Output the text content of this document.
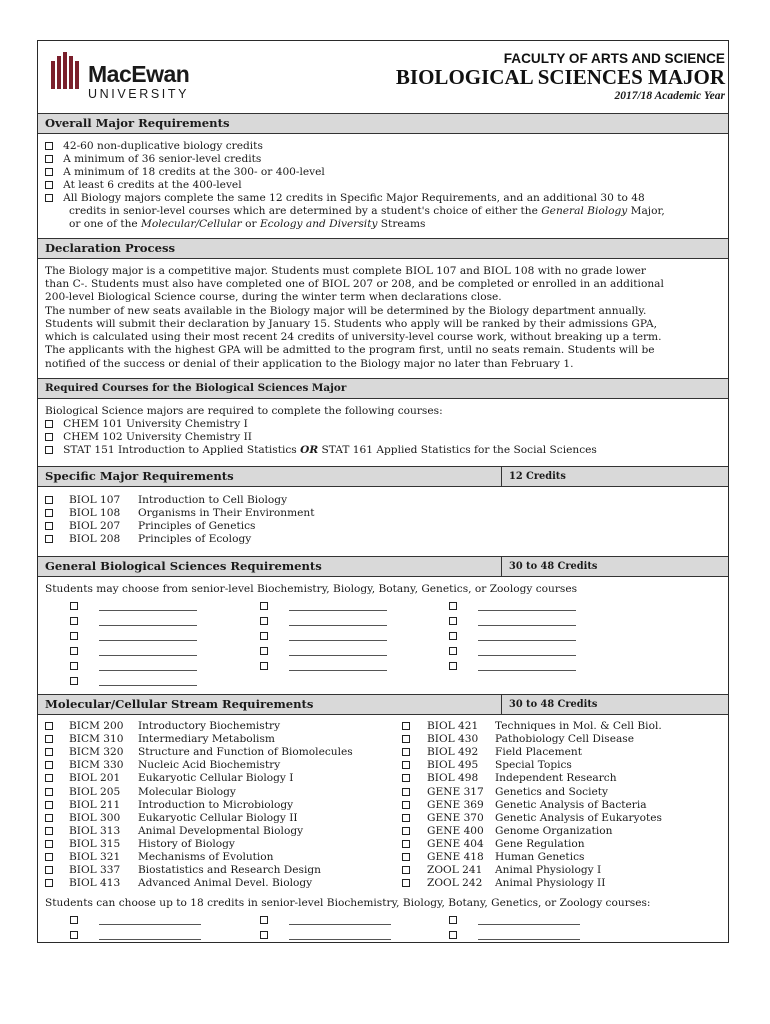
MacEwan
UNIVERSITY
FACULTY OF ARTS AND SCIENCE
BIOLOGICAL SCIENCES MAJOR
2017/18 Academic Year
Overall Major Requirements
42-60 non-duplicative biology credits
A minimum of 36 senior-level credits
A minimum of 18 credits at the 300- or 400-level
At least 6 credits at the 400-level
All Biology majors complete the same 12 credits in Specific Major Requirements, and an additional 30 to 48
credits in senior-level courses which are determined by a student's choice of either the General Biology Major,
or one of the Molecular/Cellular or Ecology and Diversity Streams
Declaration Process
The Biology major is a competitive major. Students must complete BIOL 107 and BIOL 108 with no grade lower
than C-. Students must also have completed one of BIOL 207 or 208, and be completed or enrolled in an additional
200-level Biological Science course, during the winter term when declarations close.
The number of new seats available in the Biology major will be determined by the Biology department annually.
Students will submit their declaration by January 15. Students who apply will be ranked by their admissions GPA,
which is calculated using their most recent 24 credits of university-level course work, without breaking up a term.
The applicants with the highest GPA will be admitted to the program first, until no seats remain. Students will be
notified of the success or denial of their application to the Biology major no later than February 1.
Required Courses for the Biological Sciences Major
Biological Science majors are required to complete the following courses:
CHEM 101 University Chemistry I
CHEM 102 University Chemistry II
STAT 151 Introduction to Applied Statistics OR STAT 161 Applied Statistics for the Social Sciences
Specific Major Requirements	12 Credits
BIOL 107 Introduction to Cell Biology
BIOL 108 Organisms in Their Environment
BIOL 207 Principles of Genetics
BIOL 208 Principles of Ecology
General Biological Sciences Requirements	30 to 48 Credits
Students may choose from senior-level Biochemistry, Biology, Botany, Genetics, or Zoology courses
Molecular/Cellular Stream Requirements	30 to 48 Credits
BICM 200 Introductory Biochemistry	BIOL 421 Techniques in Mol. & Cell Biol.
BICM 310 Intermediary Metabolism	BIOL 430 Pathobiology Cell Disease
BICM 320 Structure and Function of Biomolecules	BIOL 492 Field Placement
BICM 330 Nucleic Acid Biochemistry	BIOL 495 Special Topics
BIOL 201 Eukaryotic Cellular Biology I	BIOL 498 Independent Research
BIOL 205 Molecular Biology	GENE 317 Genetics and Society
BIOL 211 Introduction to Microbiology	GENE 369 Genetic Analysis of Bacteria
BIOL 300 Eukaryotic Cellular Biology II	GENE 370 Genetic Analysis of Eukaryotes
BIOL 313 Animal Developmental Biology	GENE 400 Genome Organization
BIOL 315 History of Biology	GENE 404 Gene Regulation
BIOL 321 Mechanisms of Evolution	GENE 418 Human Genetics
BIOL 337 Biostatistics and Research Design	ZOOL 241 Animal Physiology I
BIOL 413 Advanced Animal Devel. Biology	ZOOL 242 Animal Physiology II
Students can choose up to 18 credits in senior-level Biochemistry, Biology, Botany, Genetics, or Zoology courses:
